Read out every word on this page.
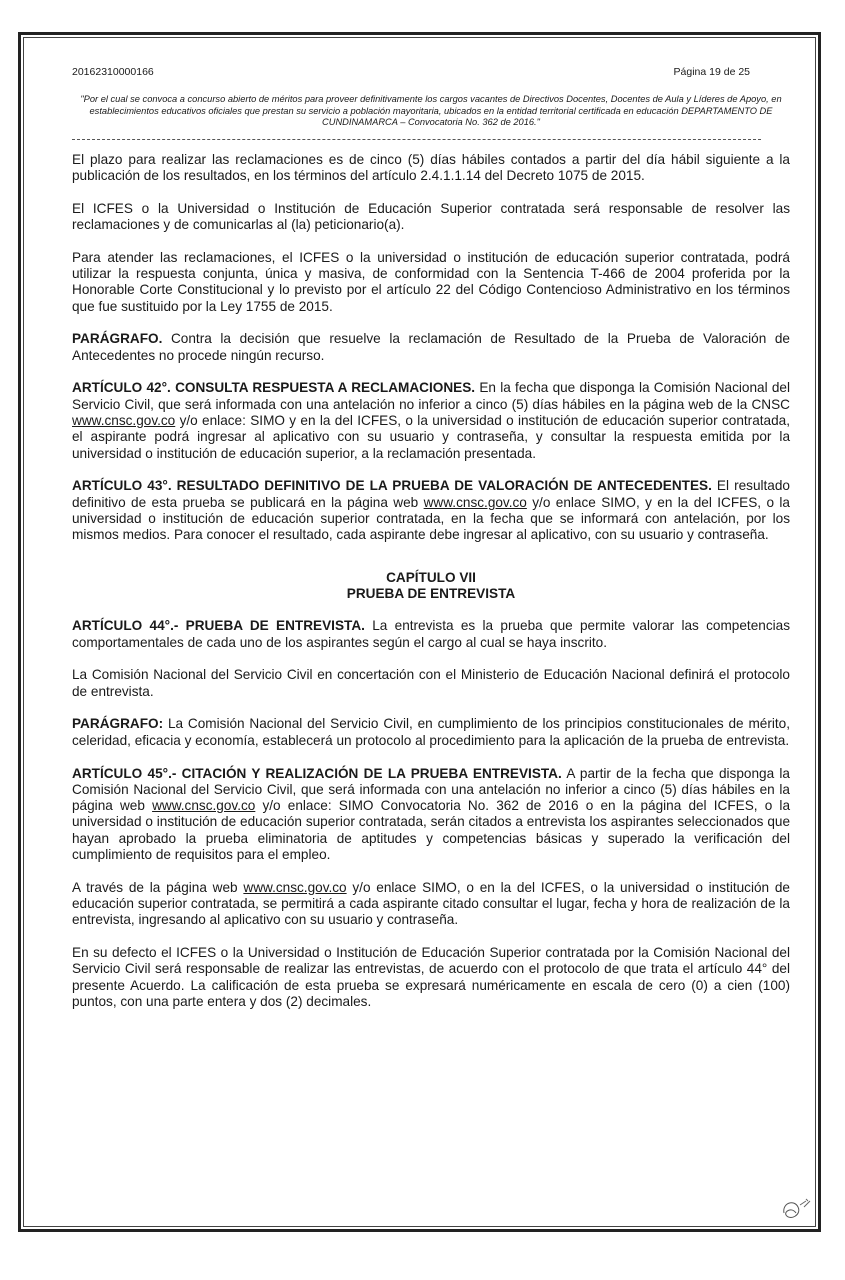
20162310000166	Página 19 de 25
"Por el cual se convoca a concurso abierto de méritos para proveer definitivamente los cargos vacantes de Directivos Docentes, Docentes de Aula y Líderes de Apoyo, en establecimientos educativos oficiales que prestan su servicio a población mayoritaria, ubicados en la entidad territorial certificada en educación DEPARTAMENTO DE CUNDINAMARCA – Convocatoria No. 362 de 2016."

El plazo para realizar las reclamaciones es de cinco (5) días hábiles contados a partir del día hábil siguiente a la publicación de los resultados, en los términos del artículo 2.4.1.1.14 del Decreto 1075 de 2015.

El ICFES o la Universidad o Institución de Educación Superior contratada será responsable de resolver las reclamaciones y de comunicarlas al (la) peticionario(a).

Para atender las reclamaciones, el ICFES o la universidad o institución de educación superior contratada, podrá utilizar la respuesta conjunta, única y masiva, de conformidad con la Sentencia T-466 de 2004 proferida por la Honorable Corte Constitucional y lo previsto por el artículo 22 del Código Contencioso Administrativo en los términos que fue sustituido por la Ley 1755 de 2015.

PARÁGRAFO. Contra la decisión que resuelve la reclamación de Resultado de la Prueba de Valoración de Antecedentes no procede ningún recurso.

ARTÍCULO 42°. CONSULTA RESPUESTA A RECLAMACIONES. En la fecha que disponga la Comisión Nacional del Servicio Civil, que será informada con una antelación no inferior a cinco (5) días hábiles en la página web de la CNSC www.cnsc.gov.co y/o enlace: SIMO y en la del ICFES, o la universidad o institución de educación superior contratada, el aspirante podrá ingresar al aplicativo con su usuario y contraseña, y consultar la respuesta emitida por la universidad o institución de educación superior, a la reclamación presentada.

ARTÍCULO 43°. RESULTADO DEFINITIVO DE LA PRUEBA DE VALORACIÓN DE ANTECEDENTES. El resultado definitivo de esta prueba se publicará en la página web www.cnsc.gov.co y/o enlace SIMO, y en la del ICFES, o la universidad o institución de educación superior contratada, en la fecha que se informará con antelación, por los mismos medios. Para conocer el resultado, cada aspirante debe ingresar al aplicativo, con su usuario y contraseña.

CAPÍTULO VII
PRUEBA DE ENTREVISTA

ARTÍCULO 44°.- PRUEBA DE ENTREVISTA. La entrevista es la prueba que permite valorar las competencias comportamentales de cada uno de los aspirantes según el cargo al cual se haya inscrito.

La Comisión Nacional del Servicio Civil en concertación con el Ministerio de Educación Nacional definirá el protocolo de entrevista.

PARÁGRAFO: La Comisión Nacional del Servicio Civil, en cumplimiento de los principios constitucionales de mérito, celeridad, eficacia y economía, establecerá un protocolo al procedimiento para la aplicación de la prueba de entrevista.

ARTÍCULO 45°.- CITACIÓN Y REALIZACIÓN DE LA PRUEBA ENTREVISTA. A partir de la fecha que disponga la Comisión Nacional del Servicio Civil, que será informada con una antelación no inferior a cinco (5) días hábiles en la página web www.cnsc.gov.co y/o enlace: SIMO Convocatoria No. 362 de 2016 o en la página del ICFES, o la universidad o institución de educación superior contratada, serán citados a entrevista los aspirantes seleccionados que hayan aprobado la prueba eliminatoria de aptitudes y competencias básicas y superado la verificación del cumplimiento de requisitos para el empleo.

A través de la página web www.cnsc.gov.co y/o enlace SIMO, o en la del ICFES, o la universidad o institución de educación superior contratada, se permitirá a cada aspirante citado consultar el lugar, fecha y hora de realización de la entrevista, ingresando al aplicativo con su usuario y contraseña.

En su defecto el ICFES o la Universidad o Institución de Educación Superior contratada por la Comisión Nacional del Servicio Civil será responsable de realizar las entrevistas, de acuerdo con el protocolo de que trata el artículo 44° del presente Acuerdo. La calificación de esta prueba se expresará numéricamente en escala de cero (0) a cien (100) puntos, con una parte entera y dos (2) decimales.
